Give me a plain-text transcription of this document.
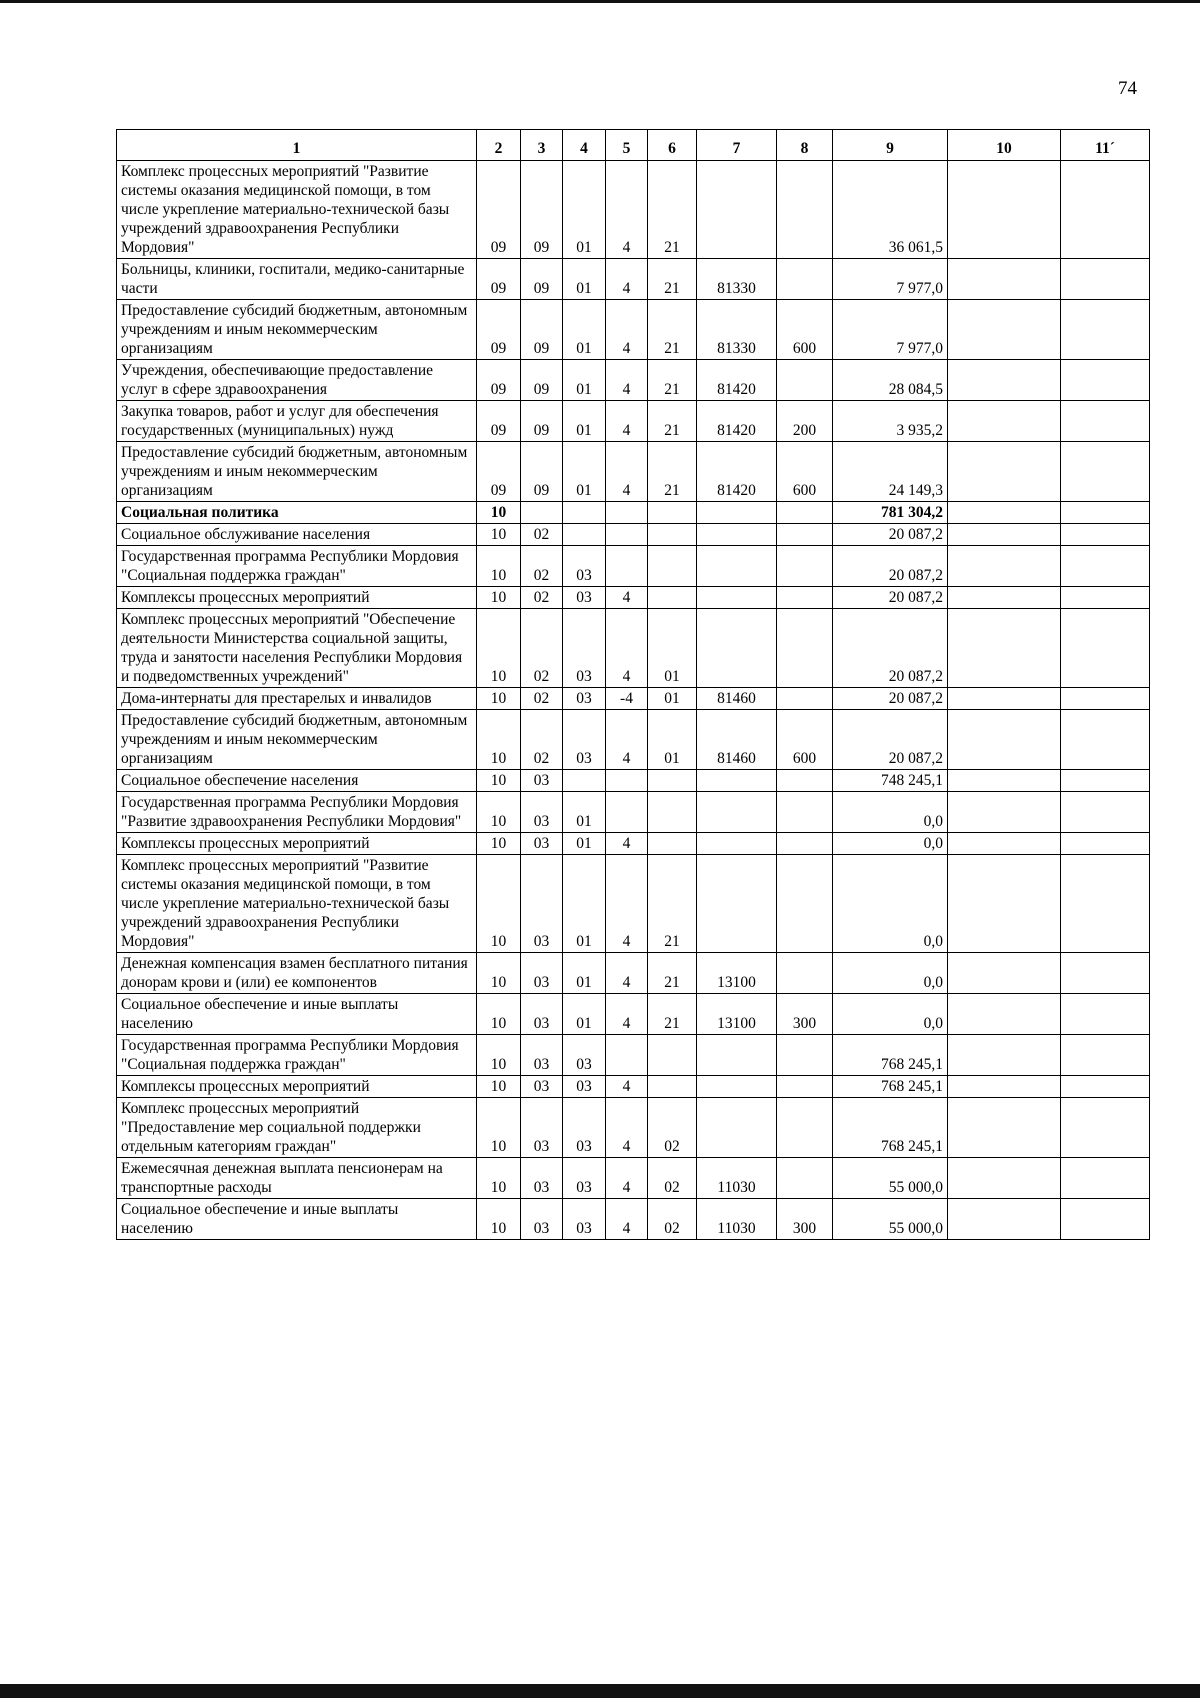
74
1	2	3	4	5	6	7	8	9	10	11´
Комплекс процессных мероприятий "Развитие системы оказания медицинской помощи, в том числе укрепление материально-технической базы учреждений здравоохранения Республики Мордовия"	09	09	01	4	21			36 061,5		
Больницы, клиники, госпитали, медико-санитарные части	09	09	01	4	21	81330		7 977,0		
Предоставление субсидий бюджетным, автономным учреждениям и иным некоммерческим организациям	09	09	01	4	21	81330	600	7 977,0		
Учреждения, обеспечивающие предоставление услуг в сфере здравоохранения	09	09	01	4	21	81420		28 084,5		
Закупка товаров, работ и услуг для обеспечения государственных (муниципальных) нужд	09	09	01	4	21	81420	200	3 935,2		
Предоставление субсидий бюджетным, автономным учреждениям и иным некоммерческим организациям	09	09	01	4	21	81420	600	24 149,3		
Социальная политика	10							781 304,2		
Социальное обслуживание населения	10	02						20 087,2		
Государственная программа Республики Мордовия "Социальная поддержка граждан"	10	02	03					20 087,2		
Комплексы процессных мероприятий	10	02	03	4				20 087,2		
Комплекс процессных мероприятий "Обеспечение деятельности Министерства социальной защиты, труда и занятости населения Республики Мордовия и подведомственных учреждений"	10	02	03	4	01			20 087,2		
Дома-интернаты для престарелых и инвалидов	10	02	03	-4	01	81460		20 087,2		
Предоставление субсидий бюджетным, автономным учреждениям и иным некоммерческим организациям	10	02	03	4	01	81460	600	20 087,2		
Социальное обеспечение населения	10	03						748 245,1		
Государственная программа Республики Мордовия "Развитие здравоохранения Республики Мордовия"	10	03	01					0,0		
Комплексы процессных мероприятий	10	03	01	4				0,0		
Комплекс процессных мероприятий "Развитие системы оказания медицинской помощи, в том числе укрепление материально-технической базы учреждений здравоохранения Республики Мордовия"	10	03	01	4	21			0,0		
Денежная компенсация взамен бесплатного питания донорам крови и (или) ее компонентов	10	03	01	4	21	13100		0,0		
Социальное обеспечение и иные выплаты населению	10	03	01	4	21	13100	300	0,0		
Государственная программа Республики Мордовия "Социальная поддержка граждан"	10	03	03					768 245,1		
Комплексы процессных мероприятий	10	03	03	4				768 245,1		
Комплекс процессных мероприятий "Предоставление мер социальной поддержки отдельным категориям граждан"	10	03	03	4	02			768 245,1		
Ежемесячная денежная выплата пенсионерам на транспортные расходы	10	03	03	4	02	11030		55 000,0		
Социальное обеспечение и иные выплаты населению	10	03	03	4	02	11030	300	55 000,0		
